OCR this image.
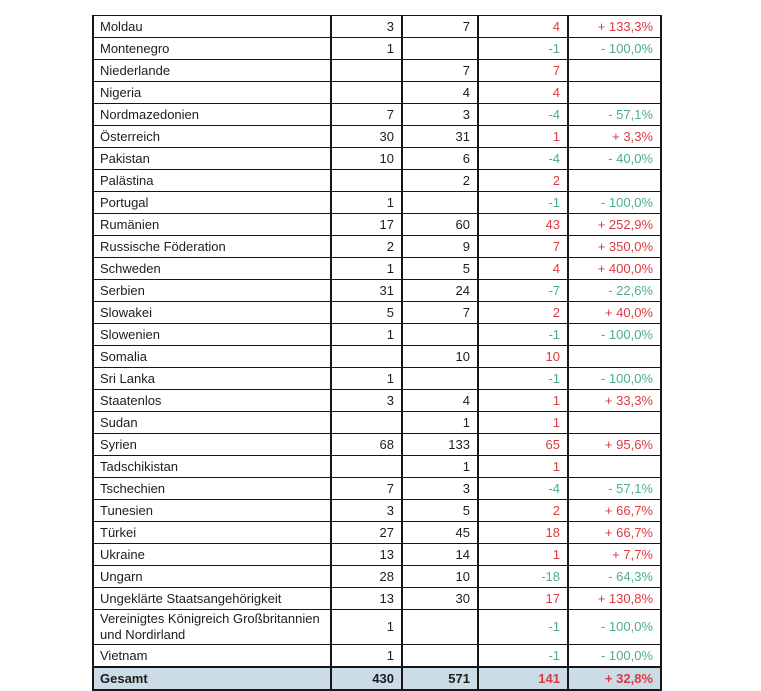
Moldau	3	7	4	+ 133,3%
Montenegro	1		-1	- 100,0%
Niederlande		7	7	
Nigeria		4	4	
Nordmazedonien	7	3	-4	- 57,1%
Österreich	30	31	1	+ 3,3%
Pakistan	10	6	-4	- 40,0%
Palästina		2	2	
Portugal	1		-1	- 100,0%
Rumänien	17	60	43	+ 252,9%
Russische Föderation	2	9	7	+ 350,0%
Schweden	1	5	4	+ 400,0%
Serbien	31	24	-7	- 22,6%
Slowakei	5	7	2	+ 40,0%
Slowenien	1		-1	- 100,0%
Somalia		10	10	
Sri Lanka	1		-1	- 100,0%
Staatenlos	3	4	1	+ 33,3%
Sudan		1	1	
Syrien	68	133	65	+ 95,6%
Tadschikistan		1	1	
Tschechien	7	3	-4	- 57,1%
Tunesien	3	5	2	+ 66,7%
Türkei	27	45	18	+ 66,7%
Ukraine	13	14	1	+ 7,7%
Ungarn	28	10	-18	- 64,3%
Ungeklärte Staatsangehörigkeit	13	30	17	+ 130,8%
Vereinigtes Königreich Großbritannien und Nordirland	1		-1	- 100,0%
Vietnam	1		-1	- 100,0%
Gesamt	430	571	141	+ 32,8%
